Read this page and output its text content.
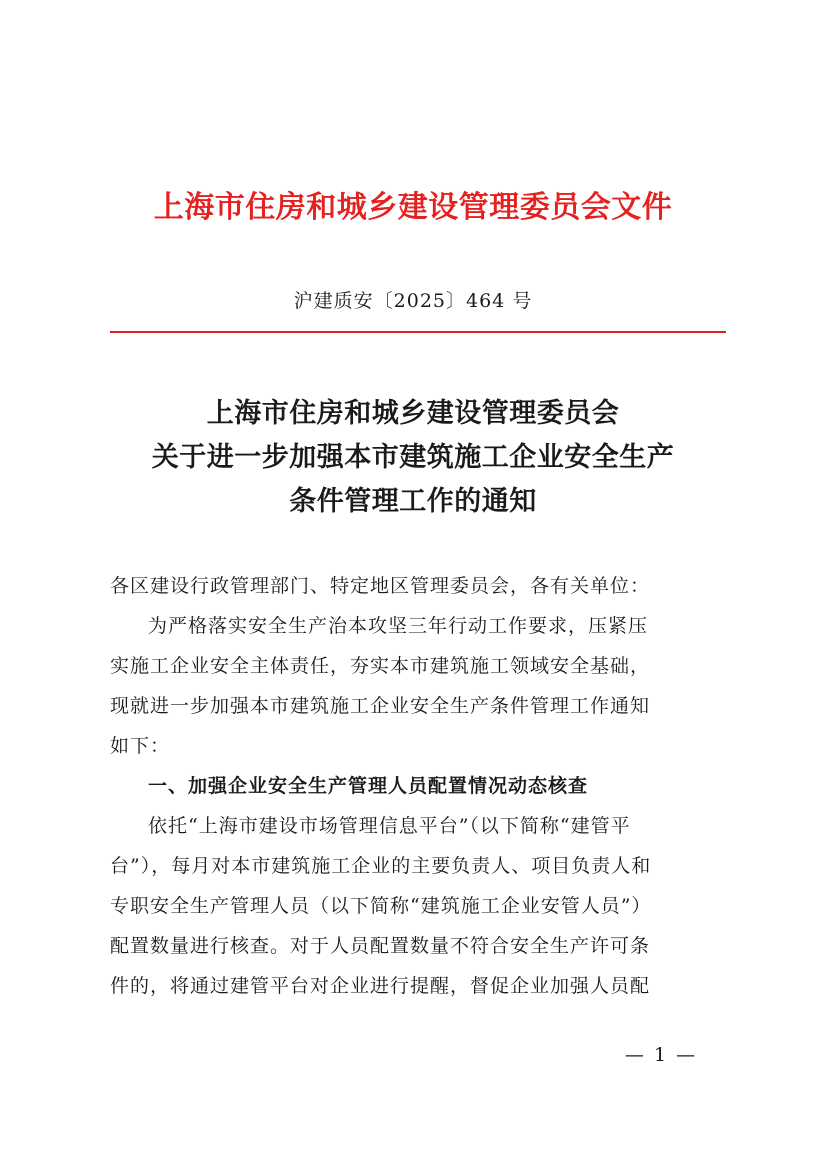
上海市住房和城乡建设管理委员会文件
沪建质安〔2025〕464 号
上海市住房和城乡建设管理委员会
关于进一步加强本市建筑施工企业安全生产
条件管理工作的通知

各区建设行政管理部门、特定地区管理委员会，各有关单位：

为严格落实安全生产治本攻坚三年行动工作要求，压紧压

实施工企业安全主体责任，夯实本市建筑施工领域安全基础，

现就进一步加强本市建筑施工企业安全生产条件管理工作通知

如下：

一、加强企业安全生产管理人员配置情况动态核查

依托“上海市建设市场管理信息平台”（以下简称“建管平

台”），每月对本市建筑施工企业的主要负责人、项目负责人和

专职安全生产管理人员（以下简称“建筑施工企业安管人员”）

配置数量进行核查。对于人员配置数量不符合安全生产许可条

件的，将通过建管平台对企业进行提醒，督促企业加强人员配

— 1 —
